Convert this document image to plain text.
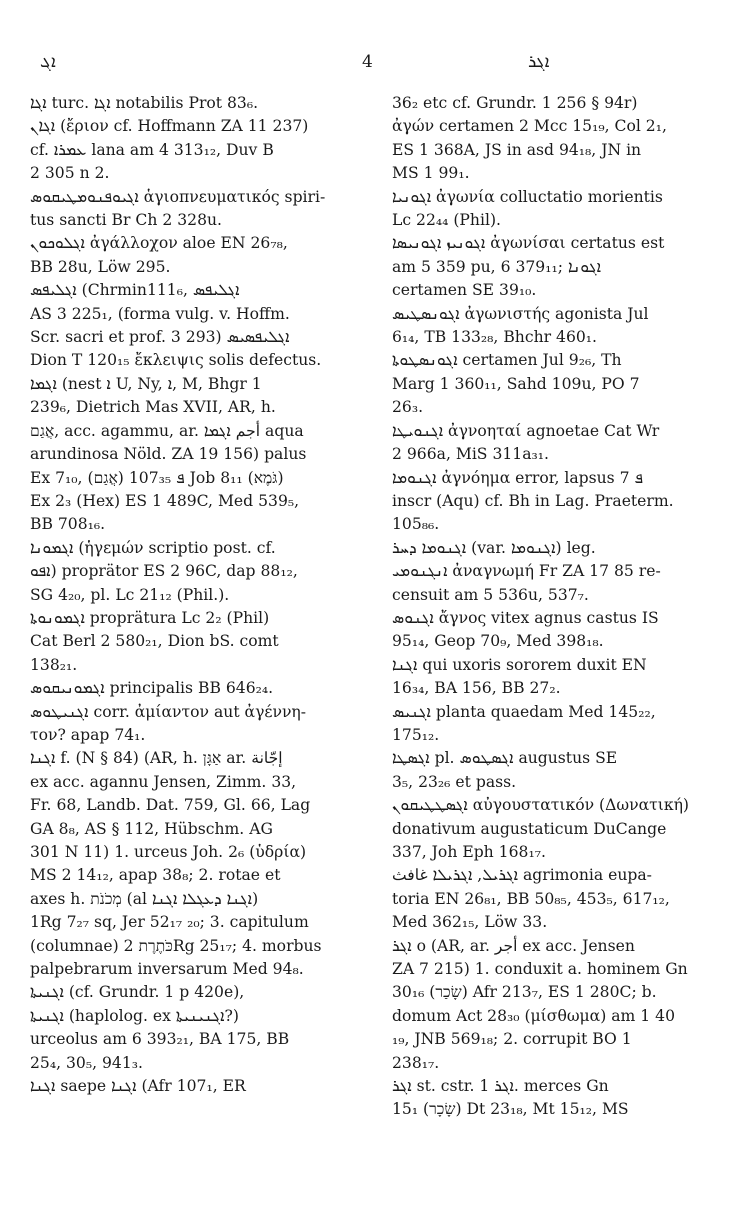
ܐܓ	4	ܐܓܪ
ܐܓܐ turc. ܐܓܐ notabilis Prot 83₆.
ܐܓܐܢ (ἔριον cf. Hoffmann ZA 11 237)
cf. ܥܡܪܐ lana am 4 313₁₂, Duv B
2 305 n 2.
ܐܓܝܘܦܢܘܡܛܝܩܘܣ ἁγιοπνευματικός spiri-
tus sancti Br Ch 2 328u.
ܐܓܠܘܟܘܢ ἀγάλλοχον aloe EN 26₇₈,
BB 28u, Löw 295.
ܐܓܠܝܦܣ (Chrmin111₆, ܐܓܠܝܦܣ
AS 3 225₁, (forma vulg. v. Hoffm.
Scr. sacri et prof. 3 293) ܐܓܠܝܦܣܝܣ
Dion T 120₁₅ ἔκλειψις solis defectus.
ܐܓܡܐ (nest ܐ U, Ny, ܐ, M, Bhgr 1
239₆, Dietrich Mas XVII, AR, h.
אֲגַם, acc. agammu, ar. أجم ܐܓܡܐ aqua
arundinosa Nöld. ZA 19 156) palus
Ex 7₁₀, ܦ 107₃₅ (אֲגַם) Job 8₁₁ (גֹּמֶא)
Ex 2₃ (Hex) ES 1 489C, Med 539₅,
BB 708₁₆.
ܐܓܡܘܢܐ (ἡγεμών scriptio post. cf.
ܐܦܘ) proprätor ES 2 96C, dap 88₁₂,
SG 4₂₀, pl. Lc 21₁₂ (Phil.).
ܐܓܡܘܢܘܬܐ proprätura Lc 2₂ (Phil)
Cat Berl 2 580₂₁, Dion bS. comt
138₂₁.
ܐܓܡܘܢܝܩܘܣ principalis BB 646₂₄.
ܐܓܢܝܛܘܣ corr. ἀμίαντον aut ἀγέννη-
τον? apap 74₁.
ܐܓܢܐ f. (N § 84) (AR, h. אַגָּן ar. إجّانة
ex acc. agannu Jensen, Zimm. 33,
Fr. 68, Landb. Dat. 759, Gl. 66, Lag
GA 8₈, AS § 112, Hübschm. AG
301 N 11) 1. urceus Joh. 2₆ (ὑδρία)
MS 2 14₁₂, apap 38₈; 2. rotae et
axes h. מְכֹנֹת (al ܐܓܢܐ ܕܥܓܠܐ ܐܓܢܐ)
1Rg 7₂₇ sq, Jer 52₁₇ ₂₀; 3. capitulum
(columnae) כֹּתֶרֶת 2Rg 25₁₇; 4. morbus
palpebrarum inversarum Med 94₈.
ܐܓܢܝܬܐ (cf. Grundr. 1 p 420e),
ܐܓܢܝܬܐ (haplolog. ex ܐܓܢܝܢܝܬܐ?)
urceolus am 6 393₂₁, BA 175, BB
25₄, 30₅, 941₃.
ܐܓܢܐ saepe ܐܓܢܐ (Afr 107₁, ER
36₂ etc cf. Grundr. 1 256 § 94r)
ἀγών certamen 2 Mcc 15₁₉, Col 2₁,
ES 1 368A, JS in asd 94₁₈, JN in
MS 1 99₁.
ܐܓܘܢܝܐ ἀγωνία colluctatio morientis
Lc 22₄₄ (Phil).
ܐܓܘܢܝܙ ܐܓܘܢܝܣܐ ἀγωνίσαι certatus est
am 5 359 pu, 6 379₁₁; ܐܓܘܢܐ
certamen SE 39₁₀.
ܐܓܘܢܣܛܝܣ ἀγωνιστής agonista Jul
6₁₄, TB 133₂₈, Bhchr 460₁.
ܐܓܘܢܣܛܘܬܐ certamen Jul 9₂₆, Th
Marg 1 360₁₁, Sahd 109u, PO 7
26₃.
ܐܓܢܘܝܛܐ ἀγνοηταί agnoetae Cat Wr
2 966a, MiS 311a₃₁.
ܐܓܢܘܡܐ ἀγνόημα error, lapsus ܦ 7
inscr (Aqu) cf. Bh in Lag. Praeterm.
105₈₆.
ܐܓܢܘܡܐ ܕܚܪ (var. ܐܓܢܘܡܐ) leg.
ܐܢܓܢܘܡܝ ἀναγνωμή Fr ZA 17 85 re-
censuit am 5 536u, 537₇.
ܐܓܢܘܣ ἄγνος vitex agnus castus IS
95₁₄, Geop 70₉, Med 398₁₈.
ܐܓܢܐ qui uxoris sororem duxit EN
16₃₄, BA 156, BB 27₂.
ܐܓܢܝܣ planta quaedam Med 145₂₂,
175₁₂.
ܐܓܣܛܐ pl. ܐܓܣܛܘܣ augustus SE
3₅, 23₂₆ et pass.
ܐܓܣܛܛܝܩܘܢ αὐγουστατικόν (Δωνατική)
donativum augustaticum DuCange
337, Joh Eph 168₁₇.
ܐܓܪܝܠ, ܐܓܪܝܠܐ غافث agrimonia eupa-
toria EN 26₈₁, BB 50₈₅, 453₅, 617₁₂,
Med 362₁₅, Löw 33.
ܐܓܪ o (AR, ar. أجر ex acc. Jensen
ZA 7 215) 1. conduxit a. hominem Gn
30₁₆ (שָׂכַר) Afr 213₇, ES 1 280C; b.
domum Act 28₃₀ (μίσθωμα) am 1 40
₁₉, JNB 569₁₈; 2. corrupit BO 1
238₁₇.
ܐܓܪ st. cstr. ܐܓܪ 1. merces Gn
15₁ (שָׂכָר) Dt 23₁₈, Mt 15₁₂, MS
